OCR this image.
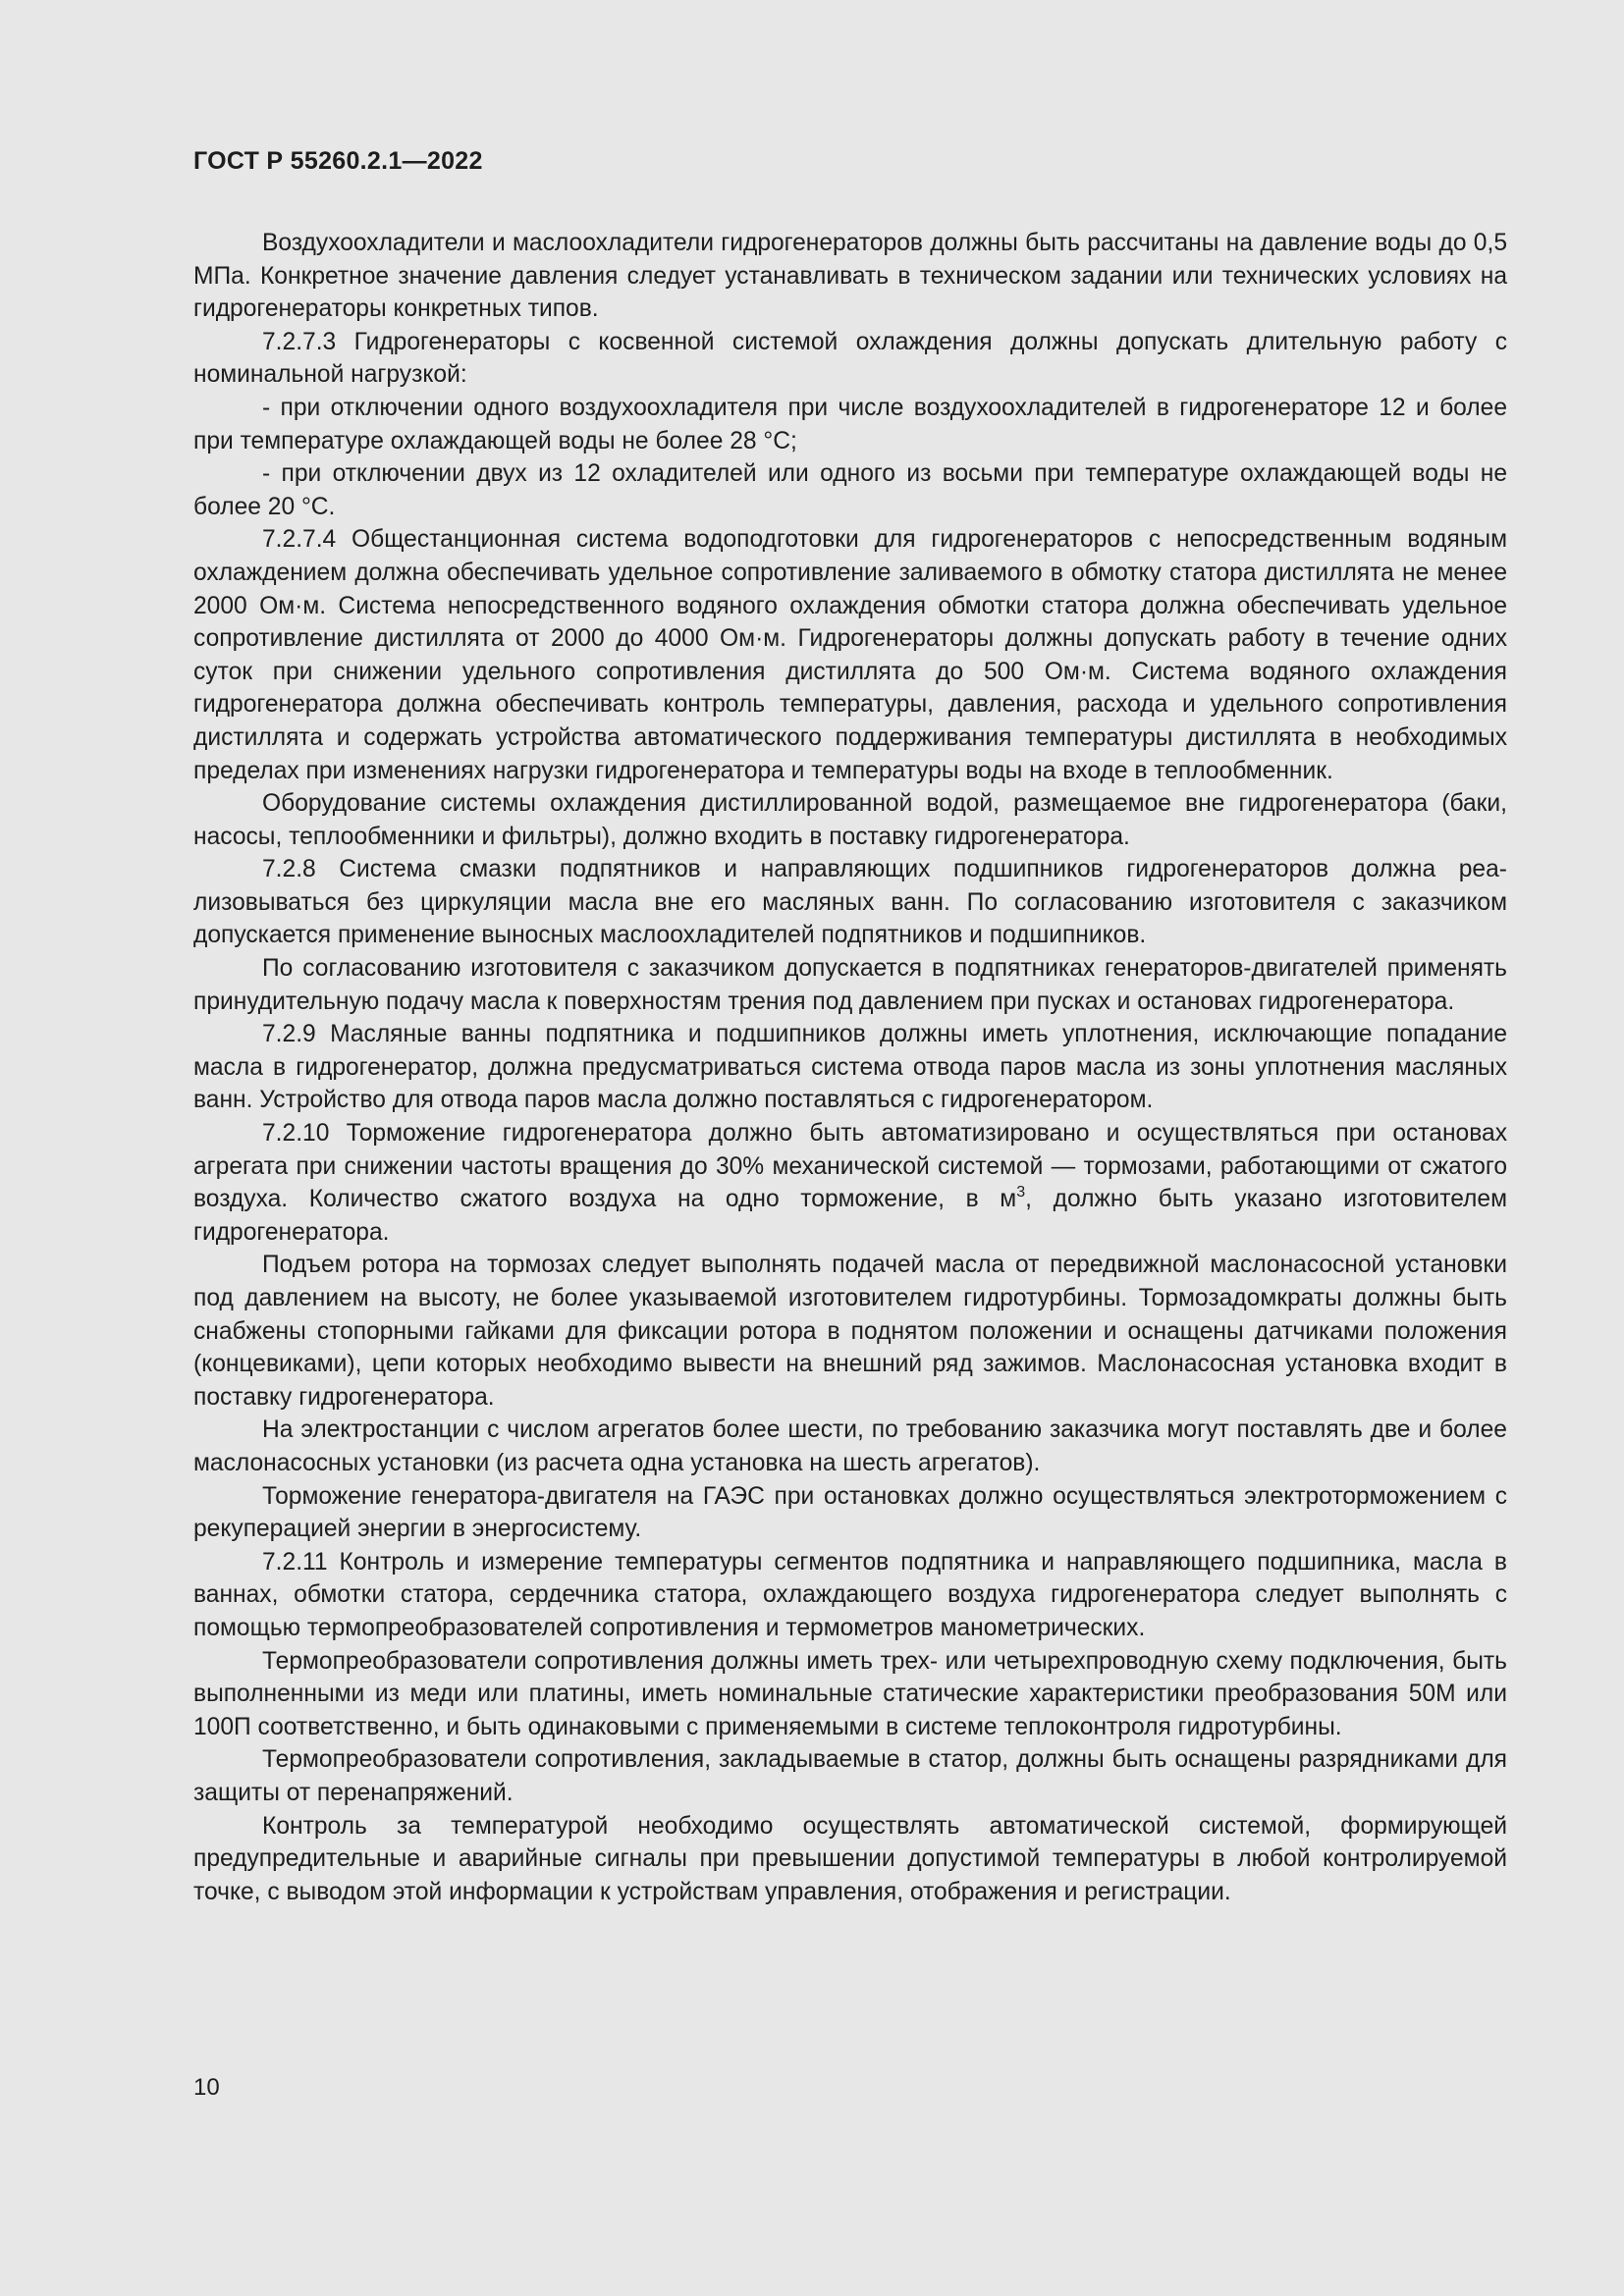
ГОСТ Р 55260.2.1—2022

Воздухоохладители и маслоохладители гидрогенераторов должны быть рассчитаны на давление воды до 0,5 МПа. Конкретное значение давления следует устанавливать в техническом задании или технических условиях на гидрогенераторы конкретных типов.

7.2.7.3 Гидрогенераторы с косвенной системой охлаждения должны допускать длительную работу с номинальной нагрузкой:

- при отключении одного воздухоохладителя при числе воздухоохладителей в гидрогенераторе 12 и более при температуре охлаждающей воды не более 28 °С;

- при отключении двух из 12 охладителей или одного из восьми при температуре охлаждающей воды не более 20 °С.

7.2.7.4 Общестанционная система водоподготовки для гидрогенераторов с непосредственным водяным охлаждением должна обеспечивать удельное сопротивление заливаемого в обмотку статора дистиллята не менее 2000 Ом·м. Система непосредственного водяного охлаждения обмотки статора должна обеспечивать удельное сопротивление дистиллята от 2000 до 4000 Ом·м. Гидрогенераторы должны допускать работу в течение одних суток при снижении удельного сопротивления дистиллята до 500 Ом·м. Система водяного охлаждения гидрогенератора должна обеспечивать контроль температуры, давления, расхода и удельного сопротивления дистиллята и содержать устройства автоматического поддерживания температуры дистиллята в необходимых пределах при изменениях нагрузки гидрогенератора и температуры воды на входе в теплообменник.

Оборудование системы охлаждения дистиллированной водой, размещаемое вне гидрогенератора (баки, насосы, теплообменники и фильтры), должно входить в поставку гидрогенератора.

7.2.8 Система смазки подпятников и направляющих подшипников гидрогенераторов должна реализовываться без циркуляции масла вне его масляных ванн. По согласованию изготовителя с заказчиком допускается применение выносных маслоохладителей подпятников и подшипников.

По согласованию изготовителя с заказчиком допускается в подпятниках генераторов-двигателей применять принудительную подачу масла к поверхностям трения под давлением при пусках и остановах гидрогенератора.

7.2.9 Масляные ванны подпятника и подшипников должны иметь уплотнения, исключающие попадание масла в гидрогенератор, должна предусматриваться система отвода паров масла из зоны уплотнения масляных ванн. Устройство для отвода паров масла должно поставляться с гидрогенератором.

7.2.10 Торможение гидрогенератора должно быть автоматизировано и осуществляться при остановах агрегата при снижении частоты вращения до 30% механической системой — тормозами, работающими от сжатого воздуха. Количество сжатого воздуха на одно торможение, в $м^3$, должно быть указано изготовителем гидрогенератора.

Подъем ротора на тормозах следует выполнять подачей масла от передвижной маслонасосной установки под давлением на высоту, не более указываемой изготовителем гидротурбины. Тормозадомкраты должны быть снабжены стопорными гайками для фиксации ротора в поднятом положении и оснащены датчиками положения (концевиками), цепи которых необходимо вывести на внешний ряд зажимов. Маслонасосная установка входит в поставку гидрогенератора.

На электростанции с числом агрегатов более шести, по требованию заказчика могут поставлять две и более маслонасосных установки (из расчета одна установка на шесть агрегатов).

Торможение генератора-двигателя на ГАЭС при остановках должно осуществляться электроторможением с рекуперацией энергии в энергосистему.

7.2.11 Контроль и измерение температуры сегментов подпятника и направляющего подшипника, масла в ваннах, обмотки статора, сердечника статора, охлаждающего воздуха гидрогенератора следует выполнять с помощью термопреобразователей сопротивления и термометров манометрических.

Термопреобразователи сопротивления должны иметь трех- или четырехпроводную схему подключения, быть выполненными из меди или платины, иметь номинальные статические характеристики преобразования 50М или 100П соответственно, и быть одинаковыми с применяемыми в системе теплоконтроля гидротурбины.

Термопреобразователи сопротивления, закладываемые в статор, должны быть оснащены разрядниками для защиты от перенапряжений.

Контроль за температурой необходимо осуществлять автоматической системой, формирующей предупредительные и аварийные сигналы при превышении допустимой температуры в любой контролируемой точке, с выводом этой информации к устройствам управления, отображения и регистрации.

10
